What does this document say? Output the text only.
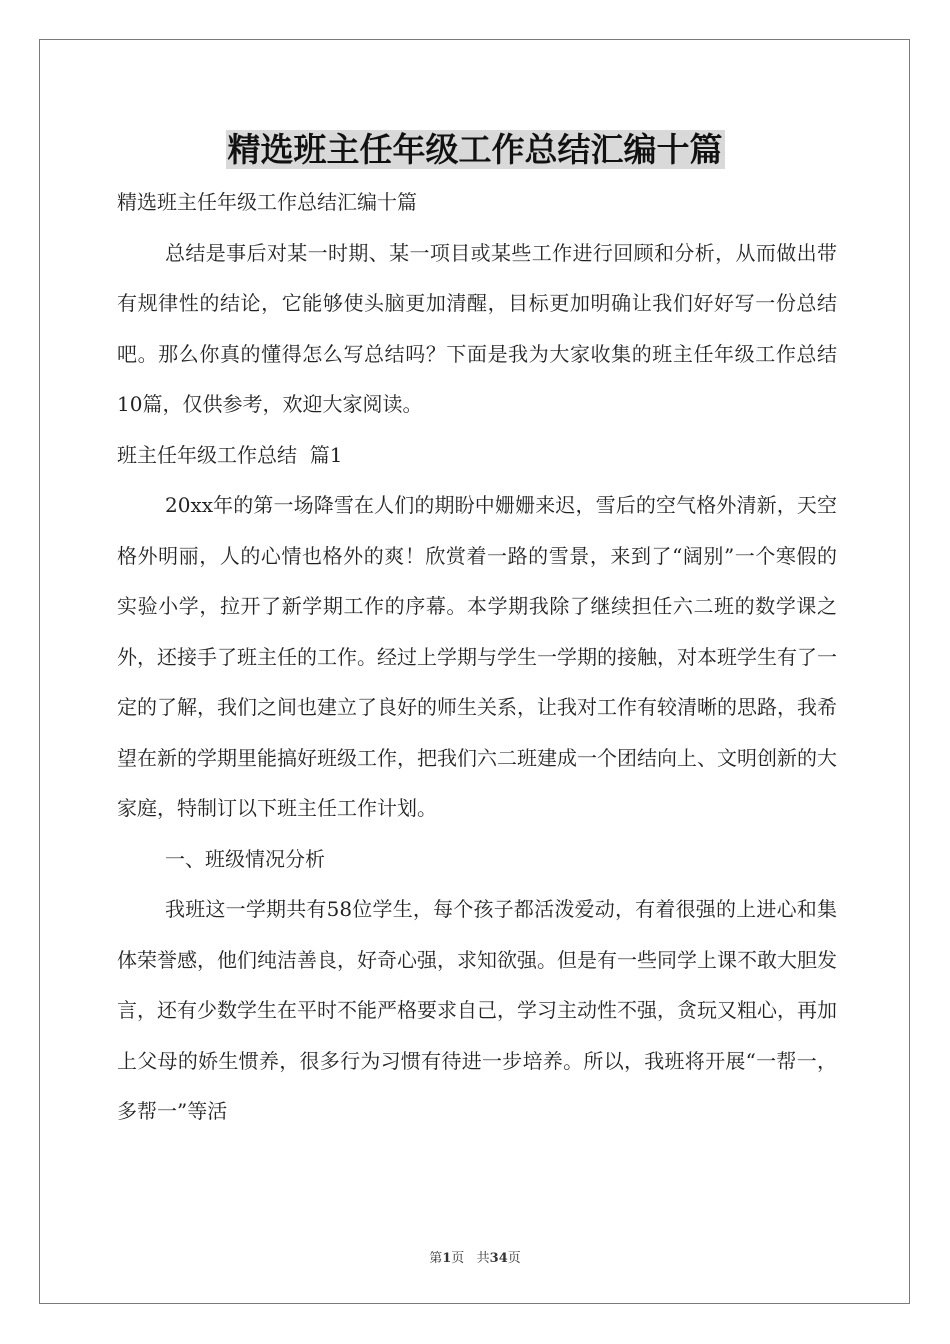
精选班主任年级工作总结汇编十篇

精选班主任年级工作总结汇编十篇

总结是事后对某一时期、某一项目或某些工作进行回顾和分析，从而做出带有规律性的结论，它能够使头脑更加清醒，目标更加明确让我们好好写一份总结吧。那么你真的懂得怎么写总结吗？下面是我为大家收集的班主任年级工作总结10篇，仅供参考，欢迎大家阅读。

班主任年级工作总结  篇1

20xx年的第一场降雪在人们的期盼中姗姗来迟，雪后的空气格外清新，天空格外明丽，人的心情也格外的爽！欣赏着一路的雪景，来到了“阔别”一个寒假的实验小学，拉开了新学期工作的序幕。本学期我除了继续担任六二班的数学课之外，还接手了班主任的工作。经过上学期与学生一学期的接触，对本班学生有了一定的了解，我们之间也建立了良好的师生关系，让我对工作有较清晰的思路，我希望在新的学期里能搞好班级工作，把我们六二班建成一个团结向上、文明创新的大家庭，特制订以下班主任工作计划。

一、班级情况分析

我班这一学期共有58位学生，每个孩子都活泼爱动，有着很强的上进心和集体荣誉感，他们纯洁善良，好奇心强，求知欲强。但是有一些同学上课不敢大胆发言，还有少数学生在平时不能严格要求自己，学习主动性不强，贪玩又粗心，再加上父母的娇生惯养，很多行为习惯有待进一步培养。所以，我班将开展“一帮一，多帮一”等活

第1页   共34页
